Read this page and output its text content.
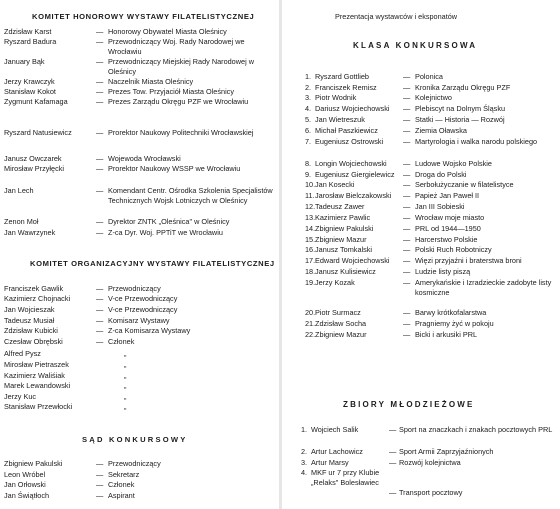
KOMITET HONOROWY WYSTAWY FILATELISTYCZNEJ
Zdzisław Karst	— Honorowy Obywatel Miasta Oleśnicy
Ryszard Badura	— Przewodniczący Woj. Rady Narodowej we Wrocławiu
January Bąk	— Przewodniczący Miejskiej Rady Narodowej w Oleśnicy
Jerzy Krawczyk	— Naczelnik Miasta Oleśnicy
Stanisław Kokot	— Prezes Tow. Przyjaciół Miasta Oleśnicy
Zygmunt Kafamaga	— Prezes Zarządu Okręgu PZF we Wrocławiu
Ryszard Natusiewicz	— Prorektor Naukowy Politechniki Wrocławskiej
Janusz Owczarek	— Wojewoda Wrocławski
Mirosław Przyłęcki	— Prorektor Naukowy WSSP we Wrocławiu
Jan Lech	— Komendant Centr. Ośrodka Szkolenia Specjalistów Technicznych Wojsk Lotniczych w Oleśnicy
Zenon Moł	— Dyrektor ZNTK „Oleśnica" w Oleśnicy
Jan Wawrzynek	— Z-ca Dyr. Woj. PPTiT we Wrocławiu
KOMITET ORGANIZACYJNY WYSTAWY FILATELISTYCZNEJ
Franciszek Gawlik	— Przewodniczący
Kazimierz Chojnacki	— V-ce Przewodniczący
Jan Wojcieszak	— V-ce Przewodniczący
Tadeusz Musiał	— Komisarz Wystawy
Zdzisław Kubicki	— Z-ca Komisarza Wystawy
Czesław Obrębski	— Członek
Alfred Pysz	„
Mirosław Pietraszek	„
Kazimierz Waliśiak	„
Marek Lewandowski	„
Jerzy Kuc	„
Stanisław Przewłocki	„
SĄD KONKURSOWY
Zbigniew Pakulski	— Przewodniczący
Leon Wróbel	— Sekretarz
Jan Orłowski	— Członek
Jan Świątłoch	— Aspirant
Prezentacja wystawców i eksponatów
KLASA KONKURSOWA
1. Ryszard Gottlieb	— Polonica
2. Franciszek Remisz	— Kronika Zarządu Okręgu PZF
3. Piotr Wodnik	— Kolejnictwo
4. Dariusz Wojciechowski — Plebiscyt na Dolnym Śląsku
5. Jan Wietreszuk	— Statki — Historia — Rozwój
6. Michał Paszkiewicz	— Ziemia Oławska
7. Eugeniusz Ostrowski	— Martyrologia i walka narodu polskiego
8. Longin Wojciechowski — Ludowe Wojsko Polskie
9. Eugeniusz Giergielewicz — Droga do Polski
10. Jan Kosecki	— Serbołużyczanie w filatelistyce
11. Jarosław Bielczakowski — Papież Jan Paweł II
12. Tadeusz Zawer	— Jan III Sobieski
13. Kazimierz Pawlic	— Wrocław moje miasto
14. Zbigniew Pakulski	— PRL od 1944—1950
15. Zbigniew Mazur	— Harcerstwo Polskie
16. Janusz Tomkalski	— Polski Ruch Robotniczy
17. Edward Wojciechowski — Więzi przyjaźni i braterstwa broni
18. Janusz Kulisiewicz	— Ludzie listy piszą
19. Jerzy Kozak	— Amerykańskie i Izradzieckie zadobyte listy kosmiczne
20. Piotr Surmacz	— Barwy krótkofalarstwa
21. Zdzisław Socha	— Pragniemy żyć w pokoju
22. Zbigniew Mazur	— Bicki i arkusiki PRL
ZBIORY MŁODZIEŻOWE
1. Wojciech Salik	— Sport na znaczkach i znakach pocztowych PRL
2. Artur Lachowicz	— Sport Armii Zaprzyjaźnionych
3. Artur Marsy	— Rozwój kolejnictwa
4. MKF ur 7 przy Klubie „Relaks" Bolesławiec
— Transport pocztowy
